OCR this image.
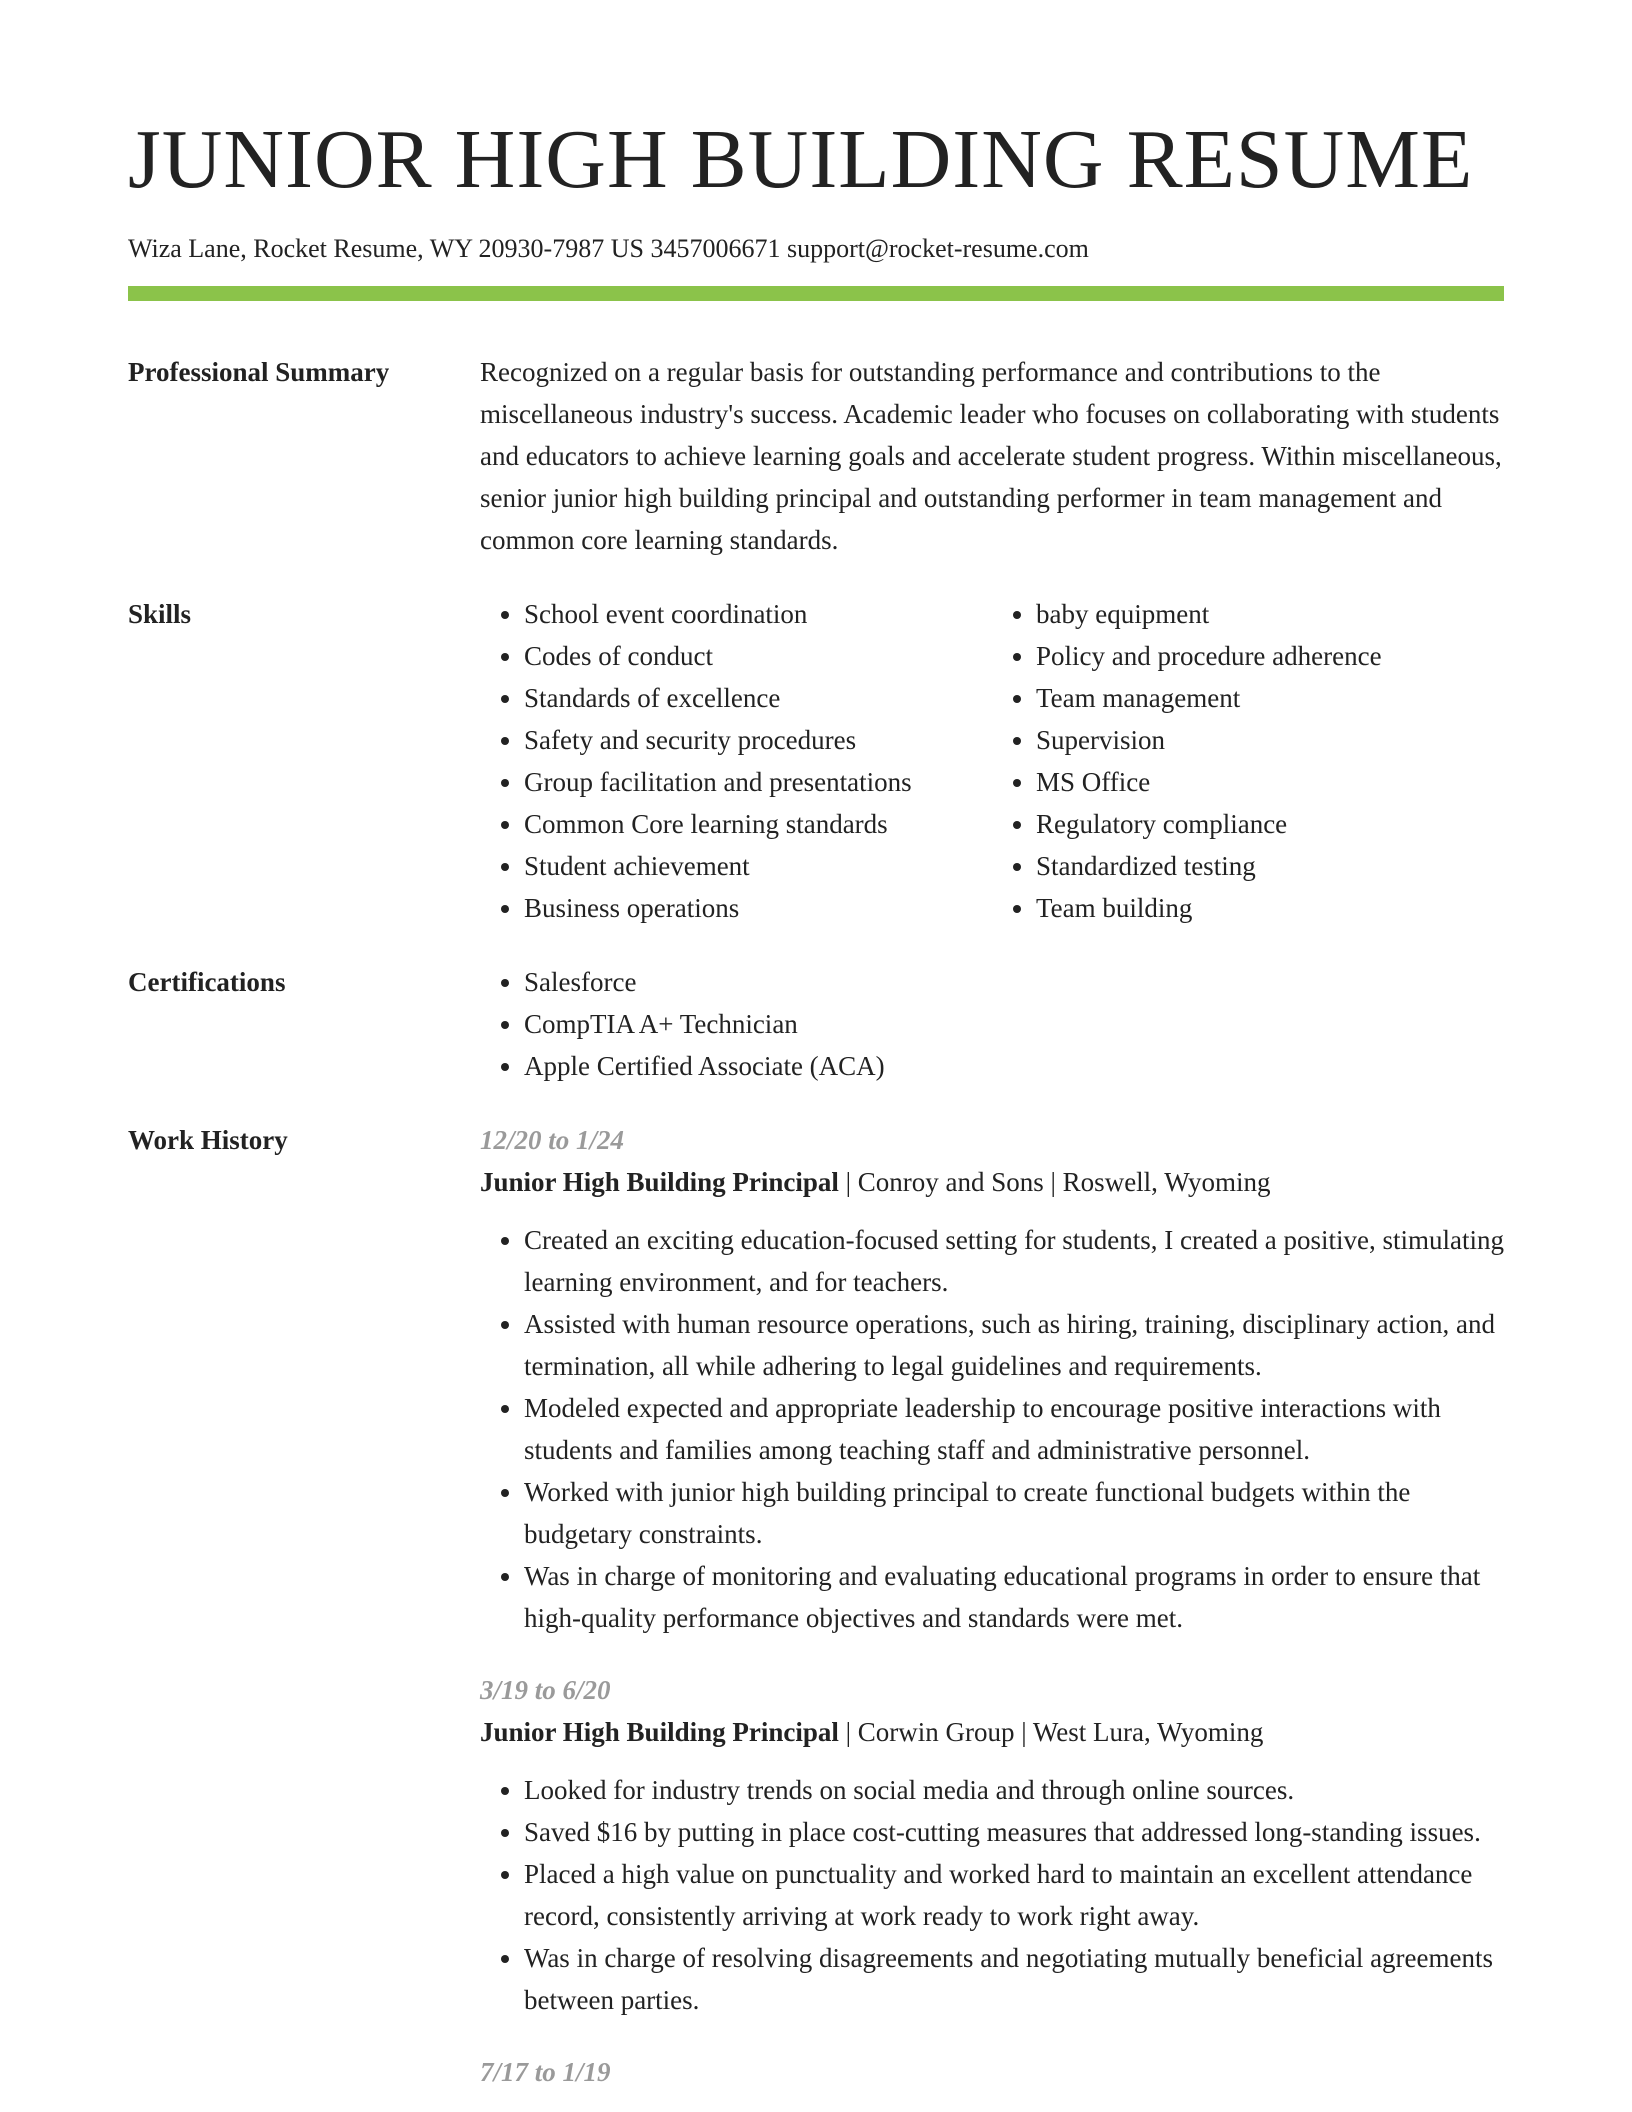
JUNIOR HIGH BUILDING RESUME
Wiza Lane, Rocket Resume, WY 20930-7987 US 3457006671 support@rocket-resume.com
Professional Summary	Recognized on a regular basis for outstanding performance and contributions to the miscellaneous industry's success. Academic leader who focuses on collaborating with students and educators to achieve learning goals and accelerate student progress. Within miscellaneous, senior junior high building principal and outstanding performer in team management and common core learning standards.

Skills	• School event coordination
• Codes of conduct
• Standards of excellence
• Safety and security procedures
• Group facilitation and presentations
• Common Core learning standards
• Student achievement
• Business operations
• baby equipment
• Policy and procedure adherence
• Team management
• Supervision
• MS Office
• Regulatory compliance
• Standardized testing
• Team building
Certifications	• Salesforce
• CompTIA A+ Technician
• Apple Certified Associate (ACA)
Work History	12/20 to 1/24
Junior High Building Principal | Conroy and Sons | Roswell, Wyoming
• Created an exciting education-focused setting for students, I created a positive, stimulating learning environment, and for teachers.
• Assisted with human resource operations, such as hiring, training, disciplinary action, and termination, all while adhering to legal guidelines and requirements.
• Modeled expected and appropriate leadership to encourage positive interactions with students and families among teaching staff and administrative personnel.
• Worked with junior high building principal to create functional budgets within the budgetary constraints.
• Was in charge of monitoring and evaluating educational programs in order to ensure that high-quality performance objectives and standards were met.
3/19 to 6/20
Junior High Building Principal | Corwin Group | West Lura, Wyoming
• Looked for industry trends on social media and through online sources.
• Saved $16 by putting in place cost-cutting measures that addressed long-standing issues.
• Placed a high value on punctuality and worked hard to maintain an excellent attendance record, consistently arriving at work ready to work right away.
• Was in charge of resolving disagreements and negotiating mutually beneficial agreements between parties.
7/17 to 1/19
